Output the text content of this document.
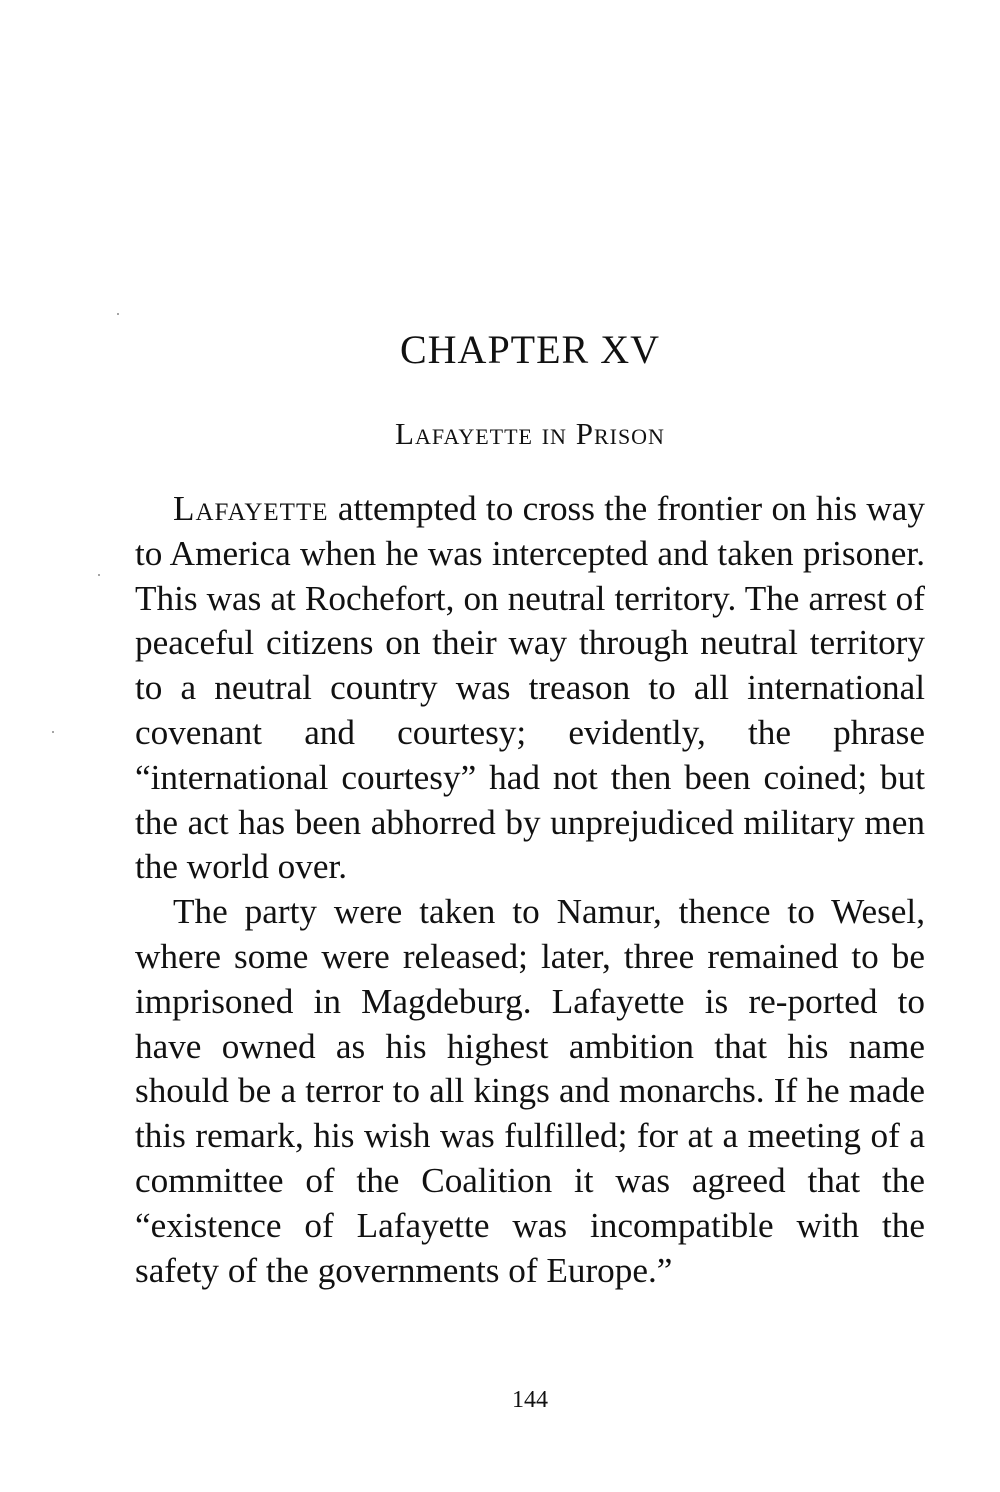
CHAPTER XV
Lafayette in Prison

Lafayette attempted to cross the frontier on his way to America when he was intercepted and taken prisoner. This was at Rochefort, on neutral territory. The arrest of peaceful citizens on their way through neutral territory to a neutral country was treason to all international covenant and courtesy; evidently, the phrase “international courtesy” had not then been coined; but the act has been abhorred by unprejudiced military men the world over.

The party were taken to Namur, thence to Wesel, where some were released; later, three remained to be imprisoned in Magdeburg. Lafayette is re-ported to have owned as his highest ambition that his name should be a terror to all kings and monarchs. If he made this remark, his wish was fulfilled; for at a meeting of a committee of the Coalition it was agreed that the “existence of Lafayette was incompatible with the safety of the governments of Europe.”

144
